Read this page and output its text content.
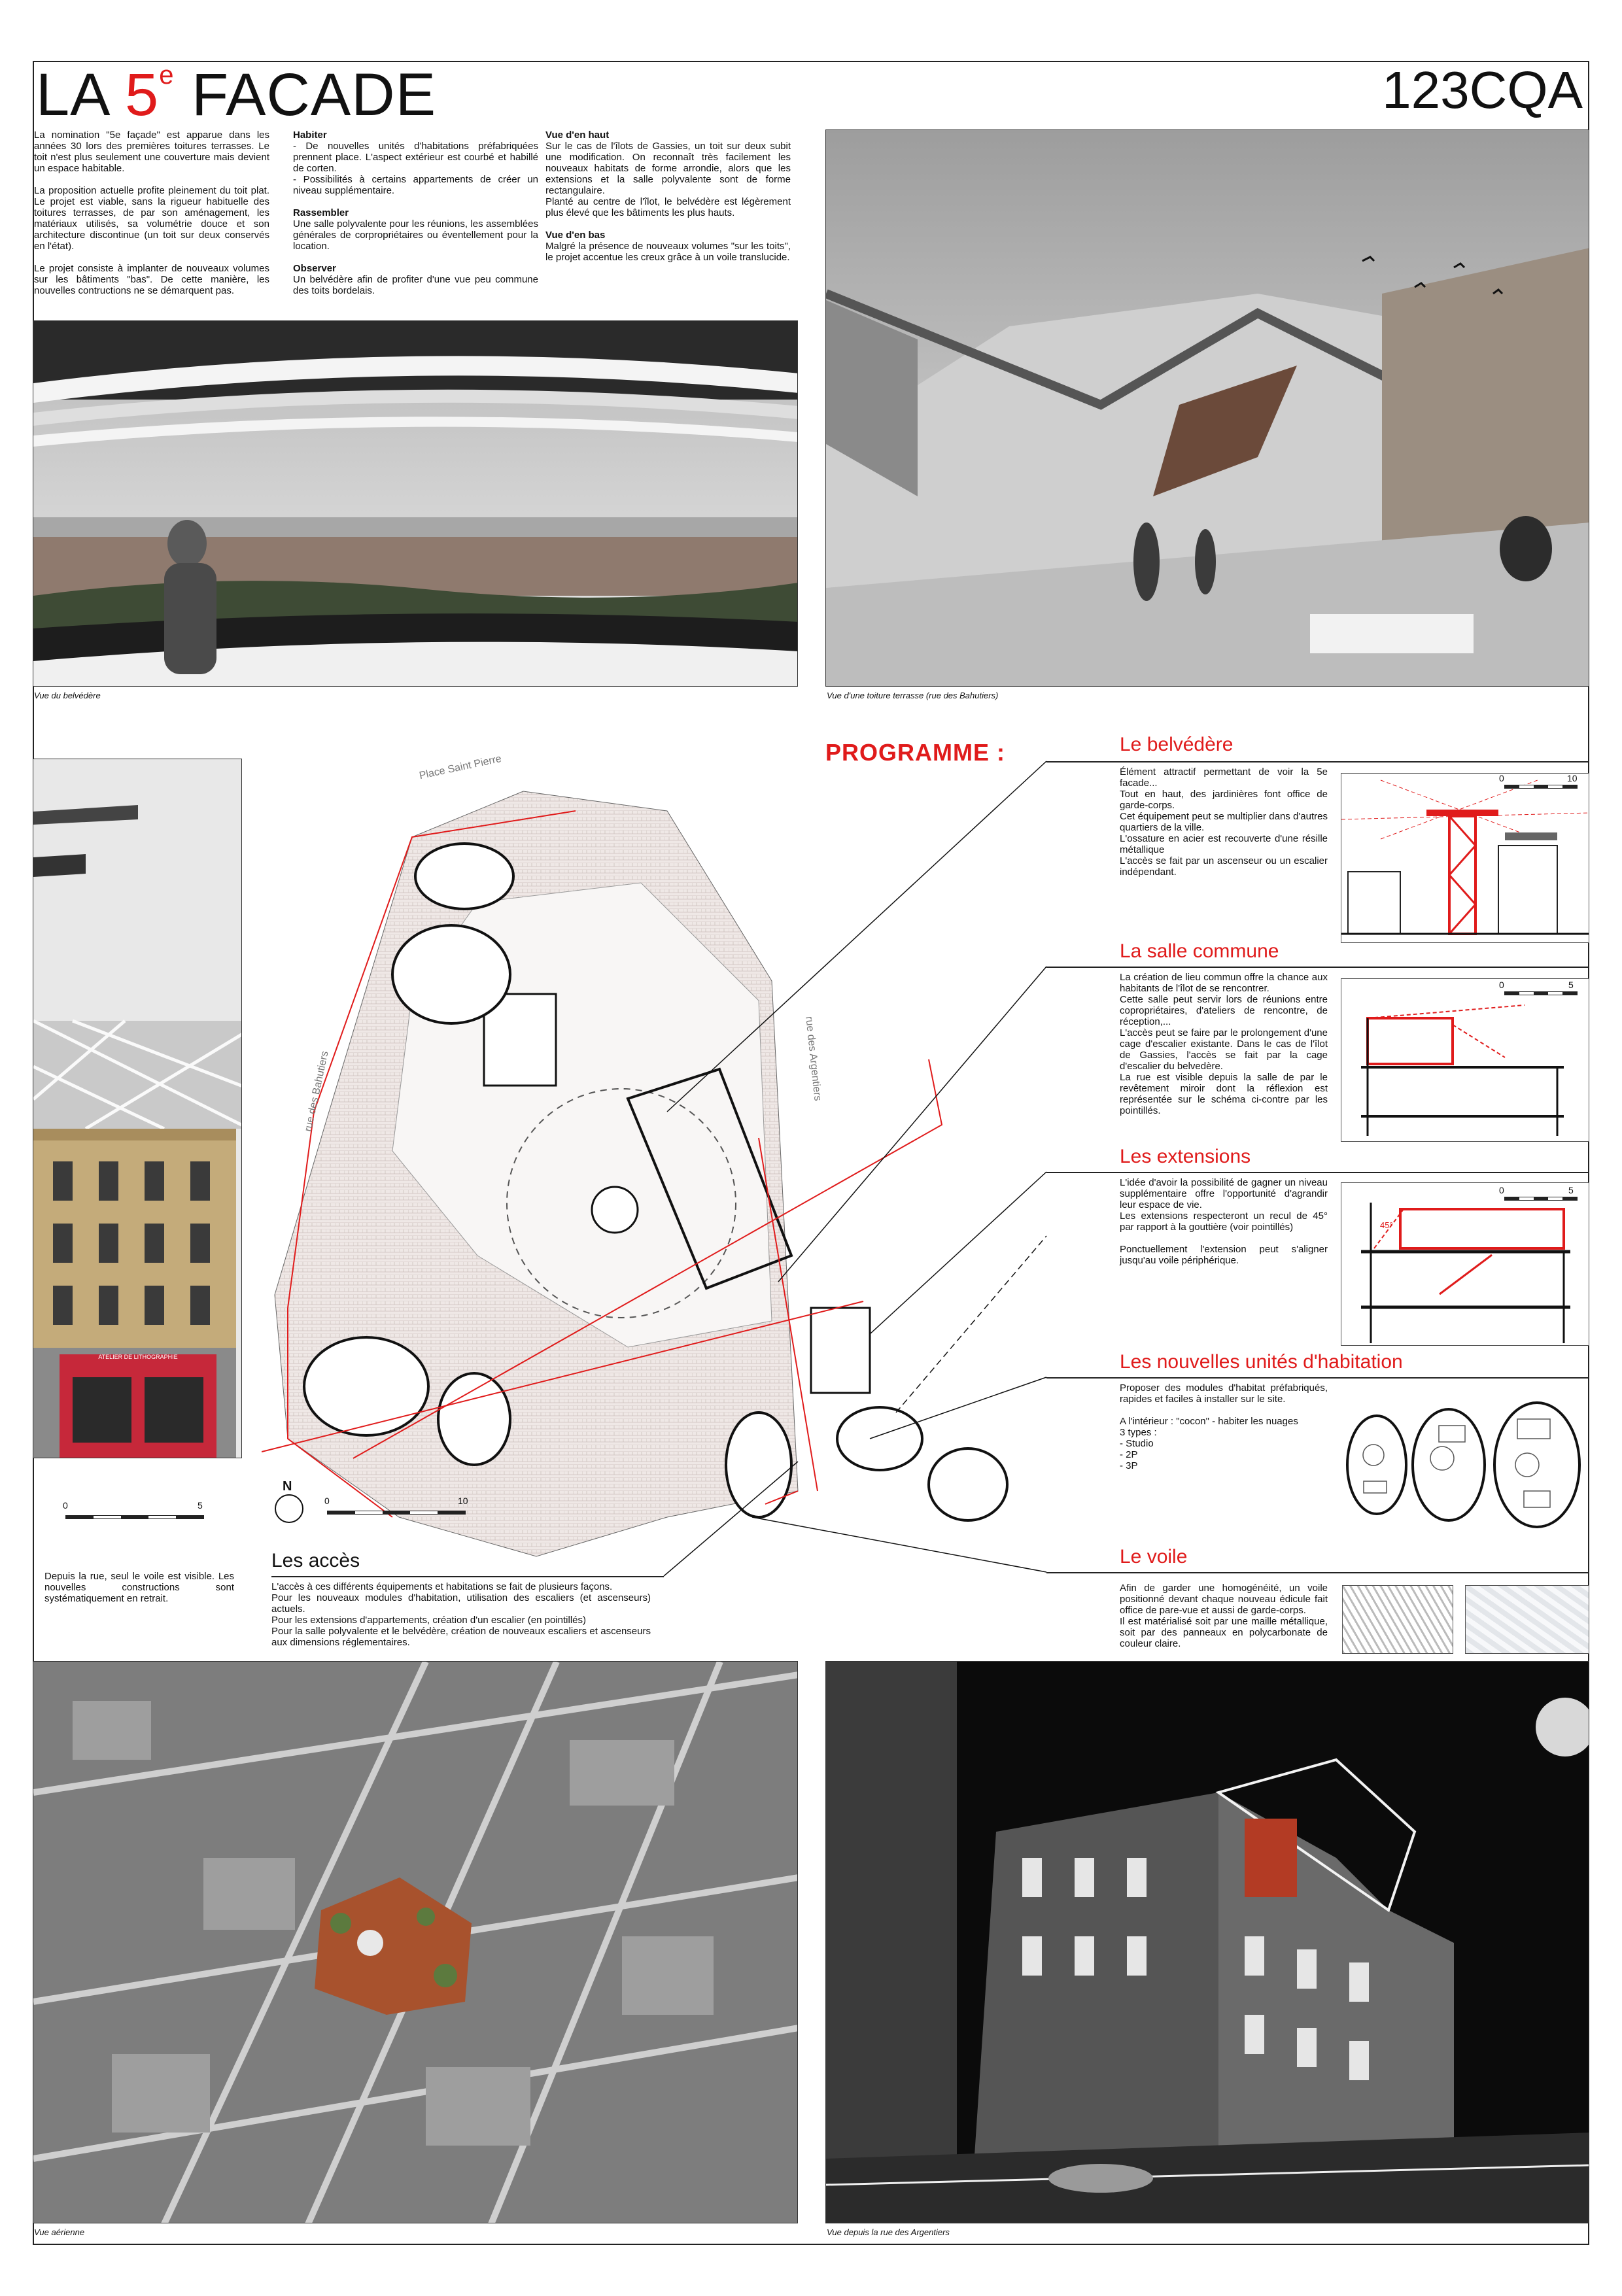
LA 5e FACADE	123CQA

La nomination "5e façade" est apparue dans les années 30 lors des premières toitures terrasses. Le toit n'est plus seulement une couverture mais devient un espace habitable.

La proposition actuelle profite pleinement du toit plat. Le projet est viable, sans la rigueur habituelle des toitures terrasses, de par son aménagement, les matériaux utilisés, sa volumétrie douce et son architecture discontinue (un toit sur deux conservés en l'état).

Le projet consiste à implanter de nouveaux volumes sur les bâtiments "bas". De cette manière, les nouvelles contructions ne se démarquent pas.

Habiter

- De nouvelles unités d'habitations préfabriquées prennent place. L'aspect extérieur est courbé et habillé de corten.
- Possibilités à certains appartements de créer un niveau supplémentaire.

Rassembler

Une salle polyvalente pour les réunions, les assemblées générales de corpropriétaires ou éventellement pour la location.

Observer

Un belvédère afin de profiter d'une vue peu commune des toits bordelais.

Vue d'en haut

Sur le cas de l'îlots de Gassies, un toit sur deux subit une modification. On reconnaît très facilement les nouveaux habitats de forme arrondie, alors que les extensions et la salle polyvalente sont de forme rectangulaire.
Planté au centre de l'îlot, le belvédère est légèrement plus élevé que les bâtiments les plus hauts.

Vue d'en bas

Malgré la présence de nouveaux volumes "sur les toits", le projet accentue les creux grâce à un voile translucide.

Vue du belvédère	Vue d'une toiture terrasse (rue des Bahutiers)
ATELIER DE LITHOGRAPHIE
0	5
Depuis la rue, seul le voile est visible. Les nouvelles constructions sont systématiquement en retrait.
Place Saint Pierre
rue des Bahutiers	rue des Argentiers
N
0	10
Les accès
L'accès à ces différents équipements et habitations se fait de plusieurs façons.
Pour les nouveaux modules d'habitation, utilisation des escaliers (et ascenseurs) actuels.
Pour les extensions d'appartements, création d'un escalier (en pointillés)
Pour la salle polyvalente et le belvédère, création de nouveaux escaliers et ascenseurs aux dimensions réglementaires.
PROGRAMME :	Le belvédère
Élément attractif permettant de voir la 5e facade...
Tout en haut, des jardinières font office de garde-corps.
Cet équipement peut se multiplier dans d'autres quartiers de la ville.
L'ossature en acier est recouverte d'une résille métallique
L'accès se fait par un ascenseur ou un escalier indépendant.
0	10
La salle commune
La création de lieu commun offre la chance aux habitants de l'îlot de se rencontrer.
Cette salle peut servir lors de réunions entre copropriétaires, d'ateliers de rencontre, de réception,...
L'accès peut se faire par le prolongement d'une cage d'escalier existante. Dans le cas de l'îlot de Gassies, l'accès se fait par la cage d'escalier du belvedère.
La rue est visible depuis la salle de par le revêtement miroir dont la réflexion est représentée sur le schéma ci-contre par les pointillés.
0	5
Les extensions
L'idée d'avoir la possibilité de gagner un niveau supplémentaire offre l'opportunité d'agrandir leur espace de vie.
Les extensions respecteront un recul de 45° par rapport à la gouttière (voir pointillés)

Ponctuellement l'extension peut s'aligner jusqu'au voile périphérique.
45°
0	5
Les nouvelles unités d'habitation
Proposer des modules d'habitat préfabriqués, rapides et faciles à installer sur le site.

A l'intérieur : "cocon" - habiter les nuages
3 types :
- Studio
- 2P
- 3P
Le voile
Afin de garder une homogénéité, un voile positionné devant chaque nouveau édicule fait office de pare-vue et aussi de garde-corps.
Il est matérialisé soit par une maille métallique, soit par des panneaux en polycarbonate de couleur claire.
Vue aérienne	Vue depuis la rue des Argentiers
